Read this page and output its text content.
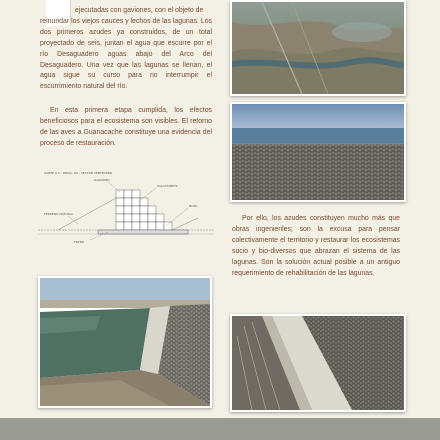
ejecutadas con gaviones, con el objeto de
reinundar los viejos cauces y lechos de las lagunas. Los dos primeros azudes ya construidos, de un total proyectado de seis, juntan el agua que escurre por el río Desaguadero aguas abajo del Arco del Desaguadero. Una vez que las lagunas se llenan, el agua sigue su curso para no interrumpir el escurrimiento natural del río.

En esta primera etapa cumplida, los efectos beneficiosos para el ecosistema son visibles. El retorno de las aves a Guanacache constituye una evidencia del proceso de restauración.

Por ello, los azudes constituyen mucho más que obras ingenieriles; son la excusa para pensar colectivamente el territorio y restaurar los ecosistemas socio y bio-diversos que abrazan el sistema de las lagunas. Son la solución actual posible a un antiguo requerimiento de rehabilitación de las lagunas.

CORTE C-C - PROG. XX - SECTOR VERTEDERO
GAVIONES
COLCHONETA
NIVEL
TERRENO NATURAL
FILTRO
